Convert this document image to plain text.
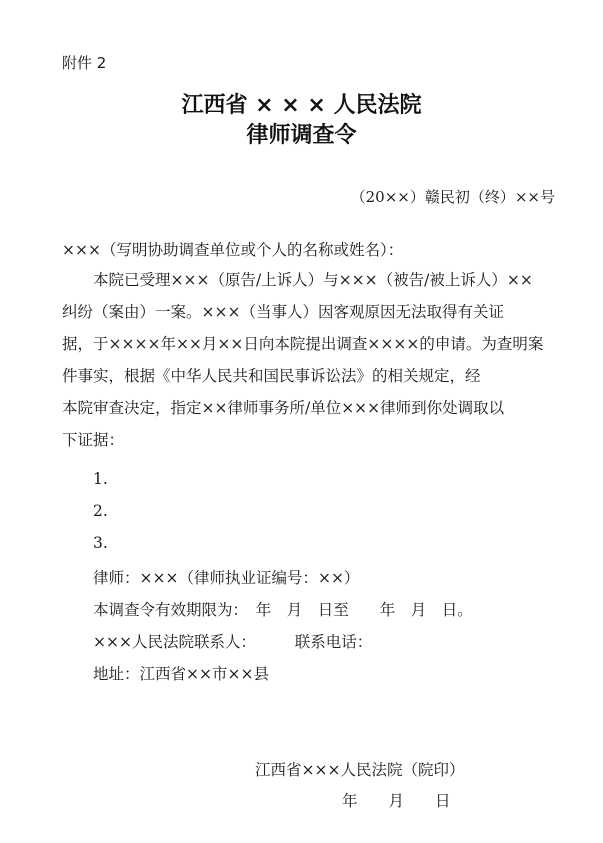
附件 2
江西省 × × × 人民法院
律师调查令
（20××）赣民初（终）××号
×××（写明协助调查单位或个人的名称或姓名）：
　　本院已受理×××（原告/上诉人）与×××（被告/被上诉人）××
纠纷（案由）一案。×××（当事人）因客观原因无法取得有关证
据，于××××年××月××日向本院提出调查××××的申请。为查明案
件事实，根据《中华人民共和国民事诉讼法》的相关规定，经
本院审查决定，指定××律师事务所/单位×××律师到你处调取以
下证据：
1.
2.
3.
律师：×××（律师执业证编号：××）
本调查令有效期限为：　年　月　日至　　年　月　日。
×××人民法院联系人：　　　联系电话：
地址：江西省××市××县
江西省×××人民法院（院印）
年　　月　　日
